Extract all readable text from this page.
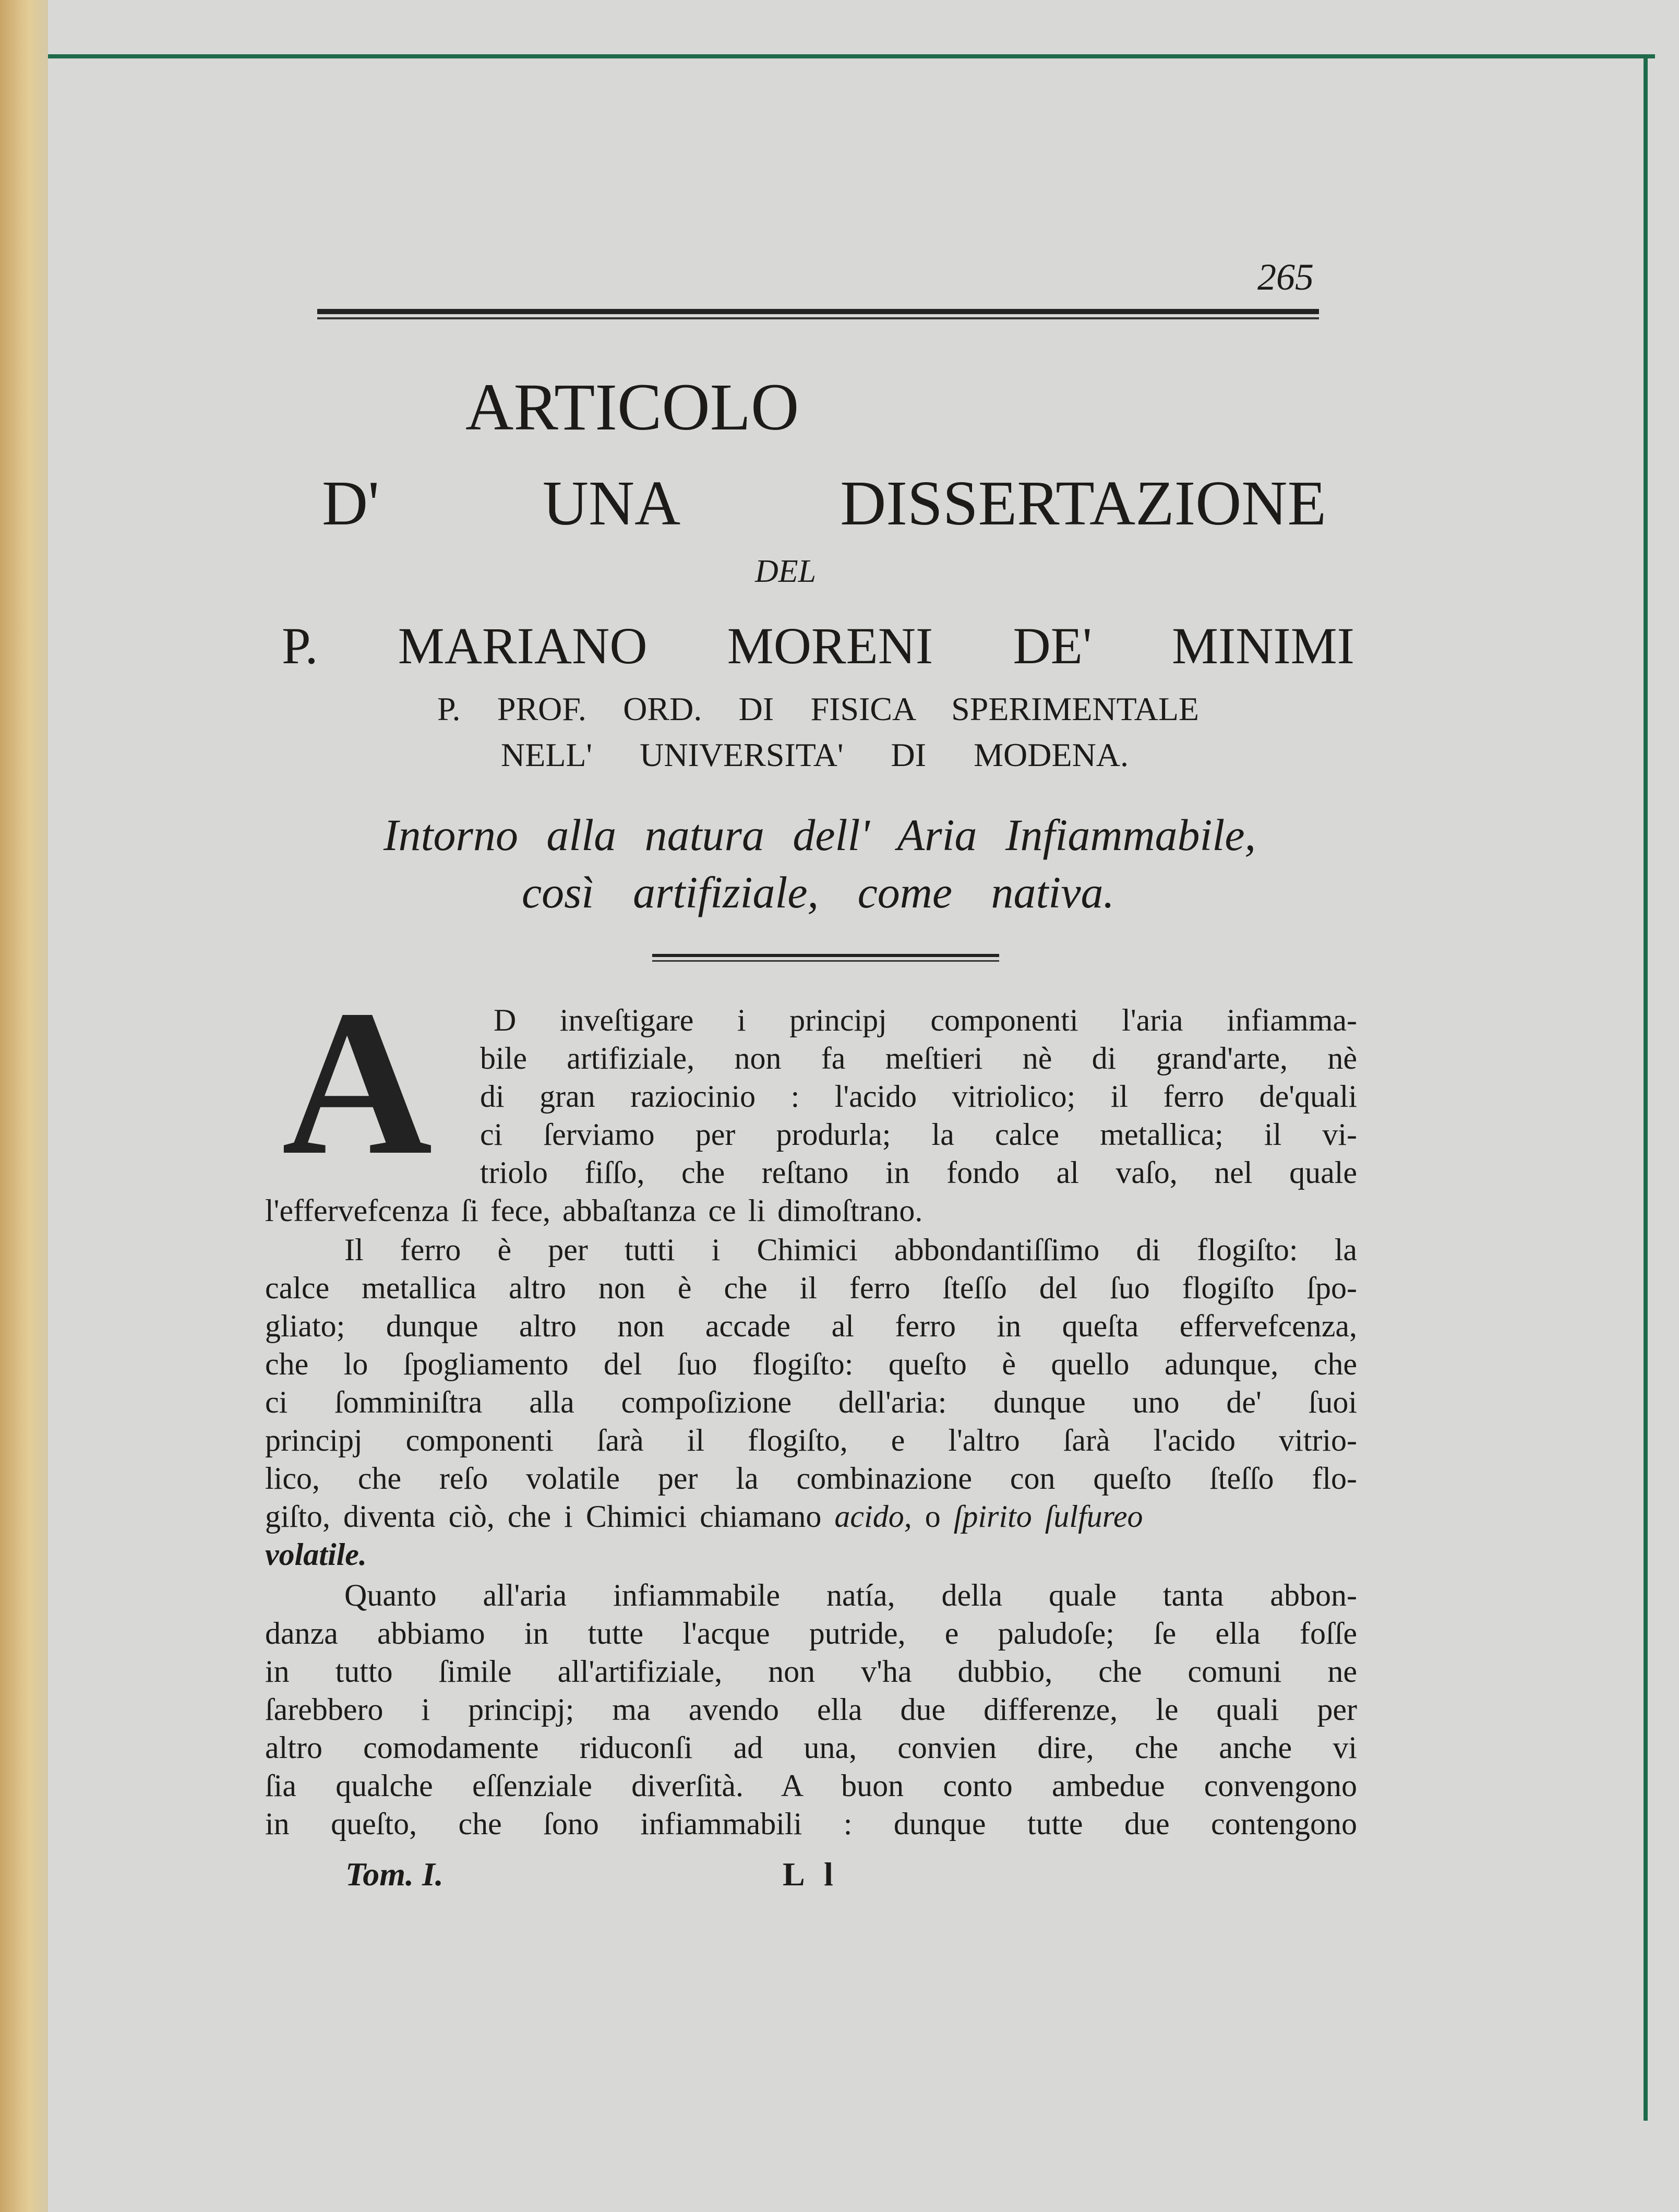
265
ARTICOLO
D' UNA DISSERTAZIONE
DEL
P. MARIANO MORENI DE' MINIMI
P. PROF. ORD. DI FISICA SPERIMENTALE
NELL' UNIVERSITA' DI MODENA.
Intorno alla natura dell' Aria Infiammabile,
così artifiziale, come nativa.
A	D inveſtigare i principj componenti l'aria infiamma-
bile artifiziale, non fa meſtieri nè di grand'arte, nè
di gran raziocinio : l'acido vitriolico; il ferro de'quali
ci ſerviamo per produrla; la calce metallica; il vi-
triolo fiſſo, che reſtano in fondo al vaſo, nel quale
l'effervefcenza ſi fece, abbaſtanza ce li dimoſtrano.
Il ferro è per tutti i Chimici abbondantiſſimo di flogiſto: la
calce metallica altro non è che il ferro ſteſſo del ſuo flogiſto ſpo-
gliato; dunque altro non accade al ferro in queſta effervefcenza,
che lo ſpogliamento del ſuo flogiſto: queſto è quello adunque, che
ci ſomminiſtra alla compoſizione dell'aria: dunque uno de' ſuoi
principj componenti ſarà il flogiſto, e l'altro ſarà l'acido vitrio-
lico, che reſo volatile per la combinazione con queſto ſteſſo flo-
giſto, diventa ciò, che i Chimici chiamano acido, o ſpirito ſulfureo
volatile.
Quanto all'aria infiammabile natía, della quale tanta abbon-
danza abbiamo in tutte l'acque putride, e paludoſe; ſe ella foſſe
in tutto ſimile all'artifiziale, non v'ha dubbio, che comuni ne
ſarebbero i principj; ma avendo ella due differenze, le quali per
altro comodamente riduconſi ad una, convien dire, che anche vi
ſia qualche eſſenziale diverſità. A buon conto ambedue convengono
in queſto, che ſono infiammabili : dunque tutte due contengono
Tom. I.	L l
